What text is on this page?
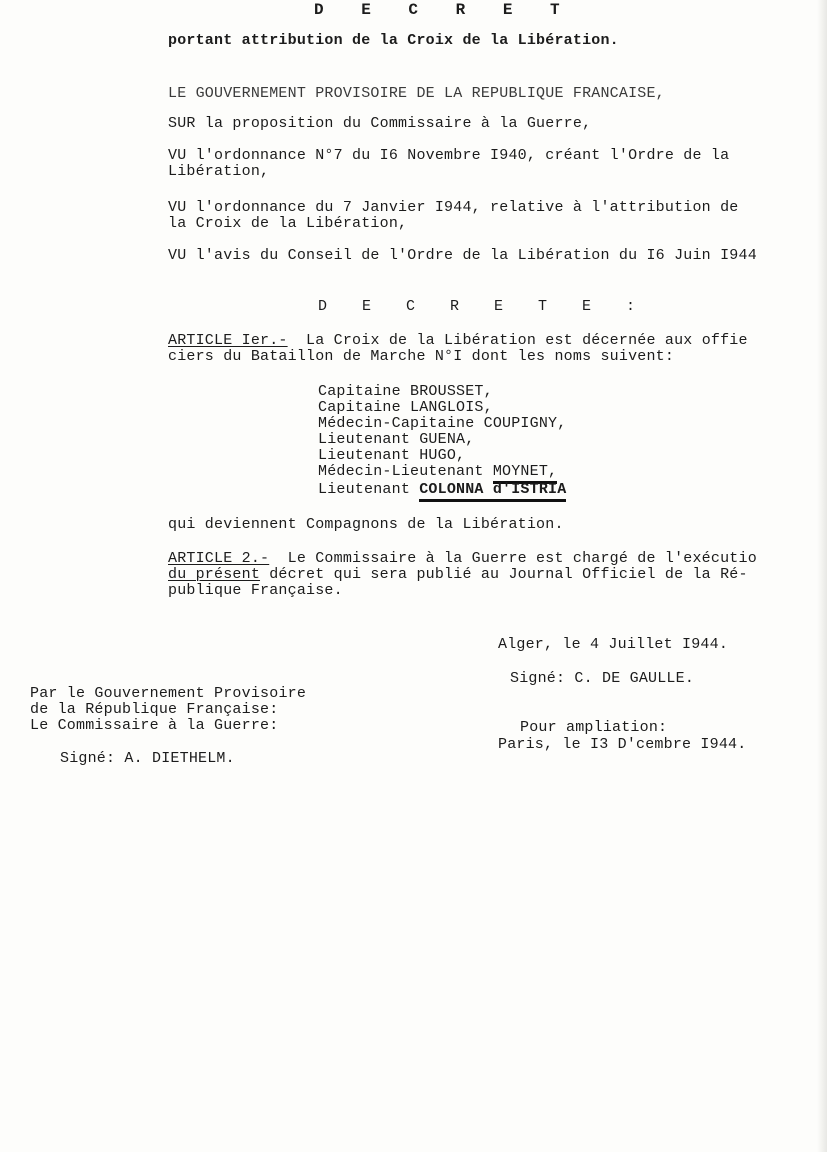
D E C R E T
portant attribution de la Croix de la Libération.
LE GOUVERNEMENT PROVISOIRE DE LA REPUBLIQUE FRANCAISE,
SUR la proposition du Commissaire à la Guerre,
VU l'ordonnance N°7 du I6 Novembre I940, créant l'Ordre de la
Libération,
VU l'ordonnance du 7 Janvier I944, relative à l'attribution de
la Croix de la Libération,
VU l'avis du Conseil de l'Ordre de la Libération du I6 Juin I944
D E C R E T E :
ARTICLE Ier.-  La Croix de la Libération est décernée aux offie
ciers du Bataillon de Marche N°I dont les noms suivent:
Capitaine BROUSSET,
Capitaine LANGLOIS,
Médecin-Capitaine COUPIGNY,
Lieutenant GUENA,
Lieutenant HUGO,
Médecin-Lieutenant MOYNET,
Lieutenant COLONNA d'ISTRIA
qui deviennent Compagnons de la Libération.
ARTICLE 2.-  Le Commissaire à la Guerre est chargé de l'exécutio
du présent décret qui sera publié au Journal Officiel de la Ré-
publique Française.
Alger, le 4 Juillet I944.
Signé: C. DE GAULLE.
Par le Gouvernement Provisoire
de la République Française:
Le Commissaire à la Guerre:	Pour ampliation:
Paris, le I3 D'cembre I944.
Signé: A. DIETHELM.
